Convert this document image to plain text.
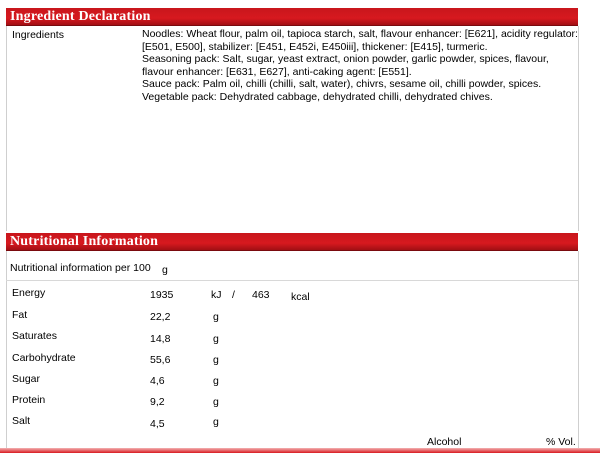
Ingredient Declaration
Ingredients	Noodles: Wheat flour, palm oil, tapioca starch, salt, flavour enhancer: [E621], acidity regulator:
[E501, E500], stabilizer: [E451, E452i, E450iii], thickener: [E415], turmeric.
Seasoning pack: Salt, sugar, yeast extract, onion powder, garlic powder, spices, flavour,
flavour enhancer: [E631, E627], anti-caking agent: [E551].
Sauce pack: Palm oil, chilli (chilli, salt, water), chivrs, sesame oil, chilli powder, spices.
Vegetable pack: Dehydrated cabbage, dehydrated chilli, dehydrated chives.
Nutritional Information
Nutritional information per 100 g
Energy	1935	kJ / 463 kcal
Fat	22,2	g
Saturates	14,8	g
Carbohydrate	55,6	g
Sugar	4,6	g
Protein	9,2	g
Salt	4,5	g
Alcohol	% Vol.
